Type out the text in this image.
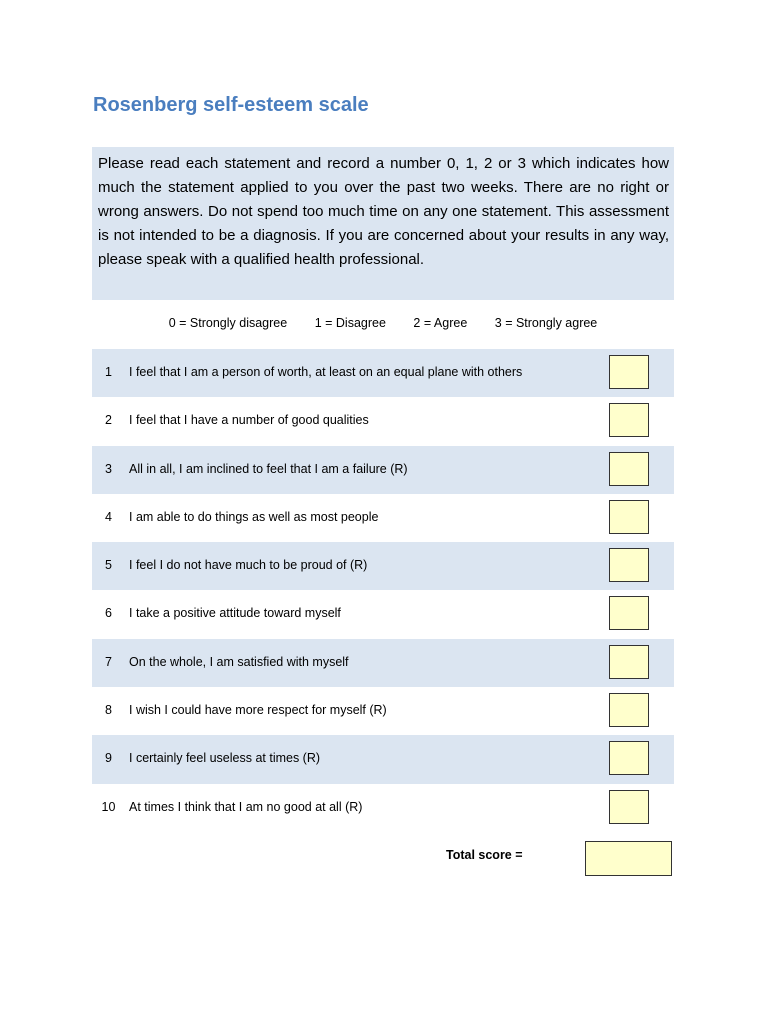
Rosenberg self-esteem scale
Please read each statement and record a number 0, 1, 2 or 3 which indicates how much the statement applied to you over the past two weeks. There are no right or wrong answers. Do not spend too much time on any one statement. This assessment is not intended to be a diagnosis. If you are concerned about your results in any way, please speak with a qualified health professional.
0 = Strongly disagree 1 = Disagree 2 = Agree 3 = Strongly agree
1	I feel that I am a person of worth, at least on an equal plane with others
2	I feel that I have a number of good qualities
3	All in all, I am inclined to feel that I am a failure (R)
4	I am able to do things as well as most people
5	I feel I do not have much to be proud of (R)
6	I take a positive attitude toward myself
7	On the whole, I am satisfied with myself
8	I wish I could have more respect for myself (R)
9	I certainly feel useless at times (R)
10	At times I think that I am no good at all (R)
Total score =
